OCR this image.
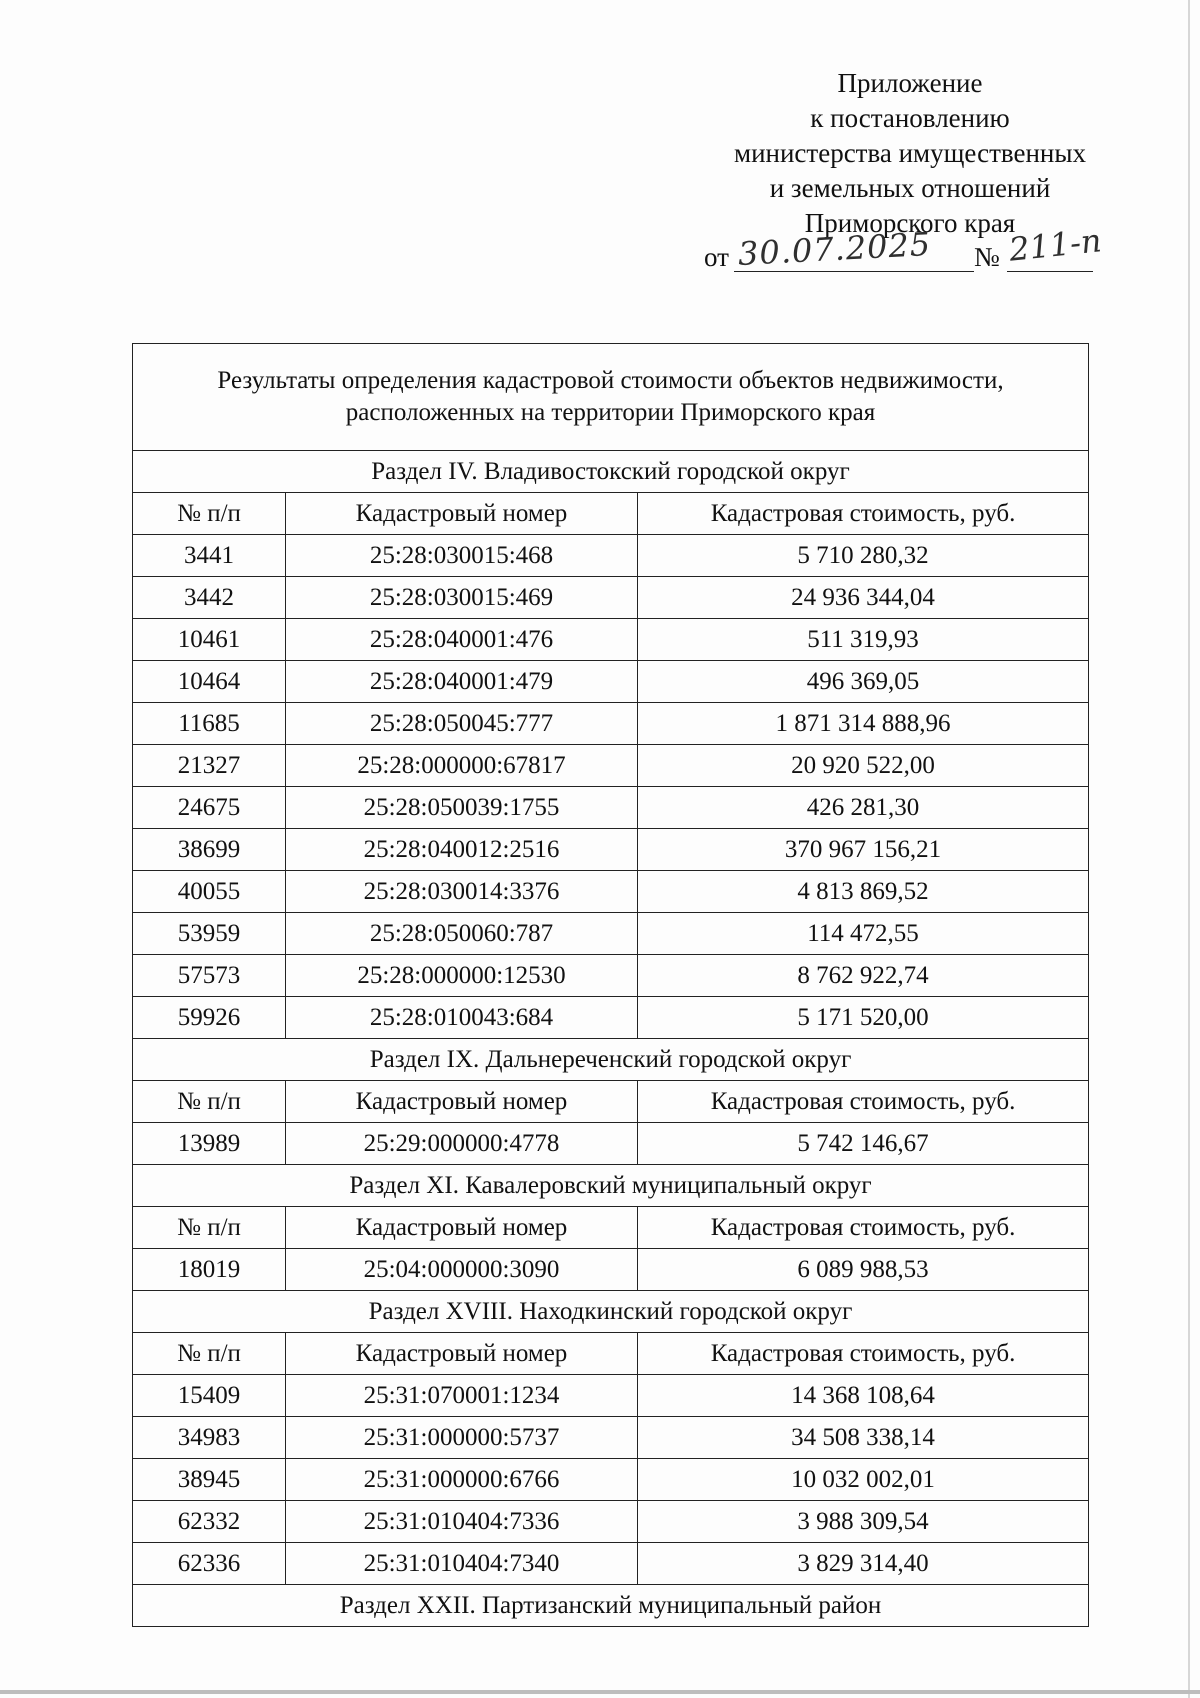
Приложение
к постановлению
министерства имущественных
и земельных отношений
Приморского края
от 30.07.2025 № 211-п
Результаты определения кадастровой стоимости объектов недвижимости, расположенных на территории Приморского края		
Раздел IV. Владивостокский городской округ		
№ п/п	Кадастровый номер	Кадастровая стоимость, руб.
3441	25:28:030015:468	5 710 280,32
3442	25:28:030015:469	24 936 344,04
10461	25:28:040001:476	511 319,93
10464	25:28:040001:479	496 369,05
11685	25:28:050045:777	1 871 314 888,96
21327	25:28:000000:67817	20 920 522,00
24675	25:28:050039:1755	426 281,30
38699	25:28:040012:2516	370 967 156,21
40055	25:28:030014:3376	4 813 869,52
53959	25:28:050060:787	114 472,55
57573	25:28:000000:12530	8 762 922,74
59926	25:28:010043:684	5 171 520,00
Раздел IX. Дальнереченский городской округ		
№ п/п	Кадастровый номер	Кадастровая стоимость, руб.
13989	25:29:000000:4778	5 742 146,67
Раздел XI. Кавалеровский муниципальный округ		
№ п/п	Кадастровый номер	Кадастровая стоимость, руб.
18019	25:04:000000:3090	6 089 988,53
Раздел XVIII. Находкинский городской округ		
№ п/п	Кадастровый номер	Кадастровая стоимость, руб.
15409	25:31:070001:1234	14 368 108,64
34983	25:31:000000:5737	34 508 338,14
38945	25:31:000000:6766	10 032 002,01
62332	25:31:010404:7336	3 988 309,54
62336	25:31:010404:7340	3 829 314,40
Раздел XXII. Партизанский муниципальный район		
